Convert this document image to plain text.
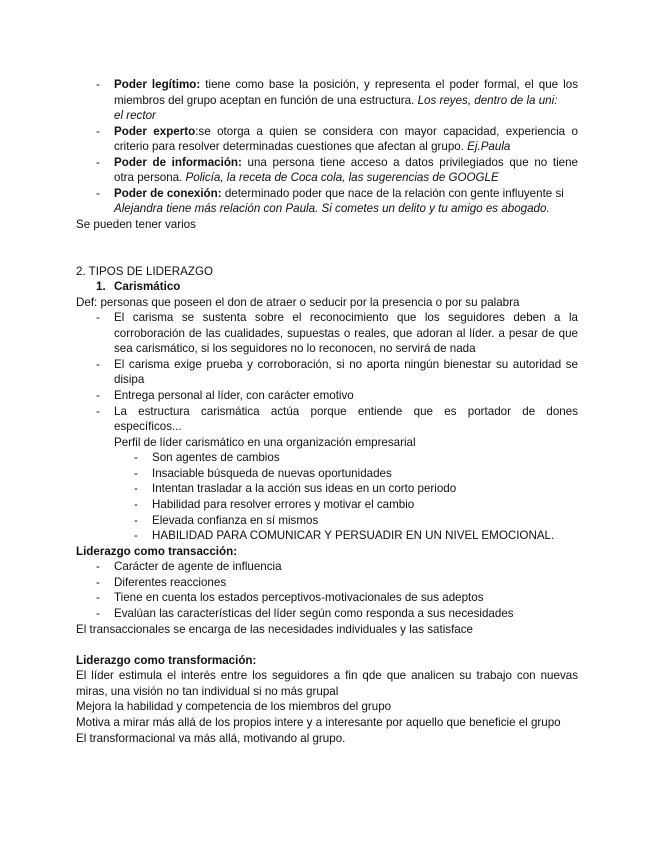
- Poder legítimo: tiene como base la posición, y representa el poder formal, el que los
miembros del grupo aceptan en función de una estructura. Los reyes, dentro de la uni:
el rector
- Poder experto:se otorga a quien se considera con mayor capacidad, experiencia o
criterio para resolver determinadas cuestiones que afectan al grupo. Ej.Paula
- Poder de información: una persona tiene acceso a datos privilegiados que no tiene
otra persona. Policía, la receta de Coca cola, las sugerencias de GOOGLE
- Poder de conexión: determinado poder que nace de la relación con gente influyente si
Alejandra tiene más relación con Paula. Si cometes un delito y tu amigo es abogado.
Se pueden tener varios
2. TIPOS DE LIDERAZGO
1. Carismático
Def: personas que poseen el don de atraer o seducir por la presencia o por su palabra
- El carisma se sustenta sobre el reconocimiento que los seguidores deben a la
corroboración de las cualidades, supuestas o reales, que adoran al líder. a pesar de que
sea carismático, si los seguidores no lo reconocen, no servirá de nada
- El carisma exige prueba y corroboración, si no aporta ningún bienestar su autoridad se
disipa
- Entrega personal al líder, con carácter emotivo
- La estructura carismática actúa porque entiende que es portador de dones
específicos...
Perfil de líder carismático en una organización empresarial
- Son agentes de cambios
- Insaciable búsqueda de nuevas oportunidades
- Intentan trasladar a la acción sus ideas en un corto periodo
- Habilidad para resolver errores y motivar el cambio
- Elevada confianza en sí mismos
- HABILIDAD PARA COMUNICAR Y PERSUADIR EN UN NIVEL EMOCIONAL.
Liderazgo como transacción:
- Carácter de agente de influencia
- Diferentes reacciones
- Tiene en cuenta los estados perceptivos-motivacionales de sus adeptos
- Evalúan las características del líder según como responda a sus necesidades
El transaccionales se encarga de las necesidades individuales y las satisface
Liderazgo como transformación:
El líder estimula el interés entre los seguidores a fin qde que analicen su trabajo con nuevas
miras, una visión no tan individual si no más grupal
Mejora la habilidad y competencia de los miembros del grupo
Motiva a mirar más allá de los propios intere y a interesante por aquello que beneficie el grupo
El transformacional va más allá, motivando al grupo.
